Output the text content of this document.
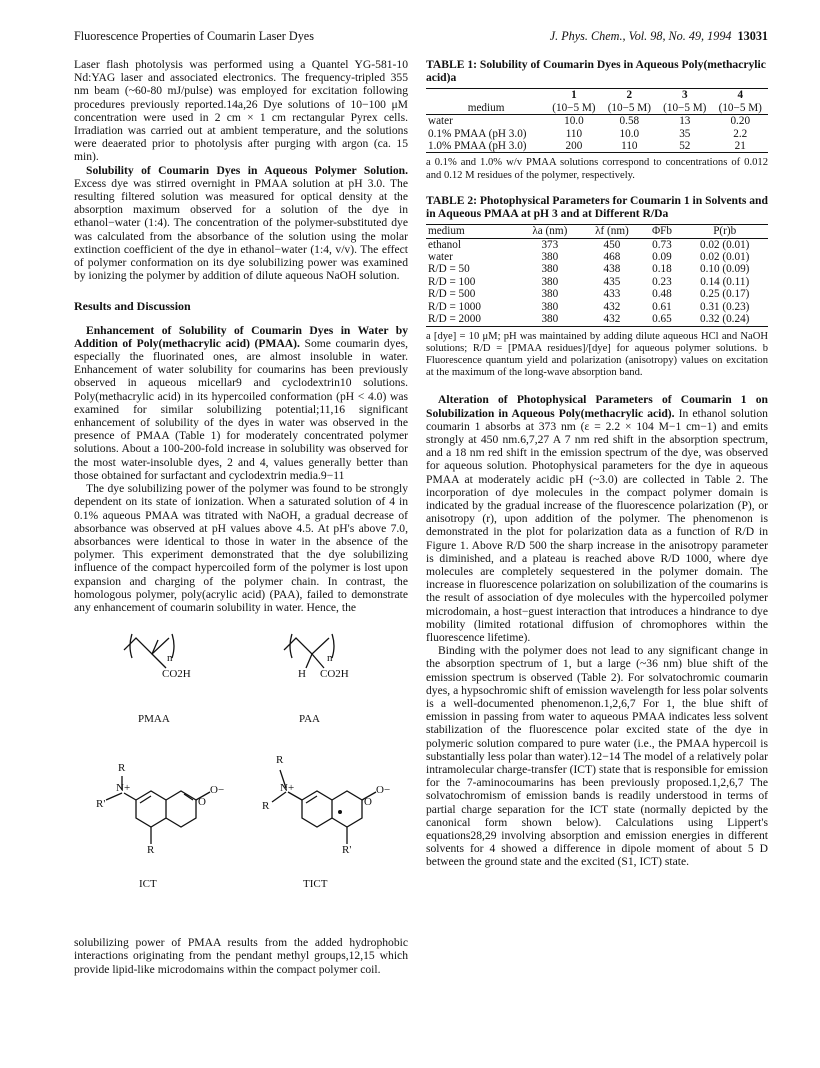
Fluorescence Properties of Coumarin Laser Dyes	J. Phys. Chem., Vol. 98, No. 49, 1994 13031

Laser flash photolysis was performed using a Quantel YG-581-10 Nd:YAG laser and associated electronics. The frequency-tripled 355 nm beam (~60-80 mJ/pulse) was employed for excitation following procedures previously reported.14a,26 Dye solutions of 10−100 μM concentration were used in 2 cm × 1 cm rectangular Pyrex cells. Irradiation was carried out at ambient temperature, and the solutions were deaerated prior to photolysis after purging with argon (ca. 15 min).

Solubility of Coumarin Dyes in Aqueous Polymer Solution. Excess dye was stirred overnight in PMAA solution at pH 3.0. The resulting filtered solution was measured for optical density at the absorption maximum observed for a solution of the dye in ethanol−water (1:4). The concentration of the polymer-substituted dye was calculated from the absorbance of the solution using the molar extinction coefficient of the dye in ethanol−water (1:4, v/v). The effect of polymer conformation on its dye solubilizing power was examined by ionizing the polymer by addition of dilute aqueous NaOH solution.

Results and Discussion

Enhancement of Solubility of Coumarin Dyes in Water by Addition of Poly(methacrylic acid) (PMAA). Some coumarin dyes, especially the fluorinated ones, are almost insoluble in water. Enhancement of water solubility for coumarins has been previously observed in aqueous micellar9 and cyclodextrin10 solutions. Poly(methacrylic acid) in its hypercoiled conformation (pH < 4.0) was examined for similar solubilizing potential;11,16 significant enhancement of solubility of the dyes in water was observed in the presence of PMAA (Table 1) for moderately concentrated polymer solutions. About a 100-200-fold increase in solubility was observed for the most water-insoluble dyes, 2 and 4, values generally better than those obtained for surfactant and cyclodextrin media.9−11

The dye solubilizing power of the polymer was found to be strongly dependent on its state of ionization. When a saturated solution of 4 in 0.1% aqueous PMAA was titrated with NaOH, a gradual decrease of absorbance was observed at pH values above 4.5. At pH's above 7.0, absorbances were identical to those in water in the absence of the polymer. This experiment demonstrated that the dye solubilizing influence of the compact hypercoiled form of the polymer is lost upon expansion and charging of the polymer chain. In contrast, the homologous polymer, poly(acrylic acid) (PAA), failed to demonstrate any enhancement of coumarin solubility in water. Hence, the

n
CO2H
PMAA
n
H CO2H
PAA
R
N+
R'	O
O−
R
ICT
R
N+
R	O
O−
R'
TICT

solubilizing power of PMAA results from the added hydrophobic interactions originating from the pendant methyl groups,12,15 which provide lipid-like microdomains within the compact polymer coil.

TABLE 1: Solubility of Coumarin Dyes in Aqueous Poly(methacrylic acid)a
	1	2	3	4
medium	(10−5 M)	(10−5 M)	(10−5 M)	(10−5 M)
water	10.0	0.58	13	0.20
0.1% PMAA (pH 3.0)	110	10.0	35	2.2
1.0% PMAA (pH 3.0)	200	110	52	21
a 0.1% and 1.0% w/v PMAA solutions correspond to concentrations of 0.012 and 0.12 M residues of the polymer, respectively.
TABLE 2: Photophysical Parameters for Coumarin 1 in Solvents and in Aqueous PMAA at pH 3 and at Different R/Da
medium	λa (nm)	λf (nm)	ΦFb	P(r)b
ethanol	373	450	0.73	0.02 (0.01)
water	380	468	0.09	0.02 (0.01)
R/D = 50	380	438	0.18	0.10 (0.09)
R/D = 100	380	435	0.23	0.14 (0.11)
R/D = 500	380	433	0.48	0.25 (0.17)
R/D = 1000	380	432	0.61	0.31 (0.23)
R/D = 2000	380	432	0.65	0.32 (0.24)
a [dye] = 10 μM; pH was maintained by adding dilute aqueous HCl and NaOH solutions; R/D = [PMAA residues]/[dye] for aqueous polymer solutions. b Fluorescence quantum yield and polarization (anisotropy) values on excitation at the maximum of the long-wave absorption band.

Alteration of Photophysical Parameters of Coumarin 1 on Solubilization in Aqueous Poly(methacrylic acid). In ethanol solution coumarin 1 absorbs at 373 nm (ε = 2.2 × 104 M−1 cm−1) and emits strongly at 450 nm.6,7,27 A 7 nm red shift in the absorption spectrum, and a 18 nm red shift in the emission spectrum of the dye, was observed for aqueous solution. Photophysical parameters for the dye in aqueous PMAA at moderately acidic pH (~3.0) are collected in Table 2. The incorporation of dye molecules in the compact polymer domain is indicated by the gradual increase of the fluorescence polarization (P), or anisotropy (r), upon addition of the polymer. The phenomenon is demonstrated in the plot for polarization data as a function of R/D in Figure 1. Above R/D 500 the sharp increase in the anisotropy parameter is diminished, and a plateau is reached above R/D 1000, where dye molecules are completely sequestered in the polymer domain. The increase in fluorescence polarization on solubilization of the coumarins is the result of association of dye molecules with the hypercoiled polymer microdomain, a host−guest interaction that introduces a hindrance to dye mobility (limited rotational diffusion of chromophores within the fluorescence lifetime).

Binding with the polymer does not lead to any significant change in the absorption spectrum of 1, but a large (~36 nm) blue shift of the emission spectrum is observed (Table 2). For solvatochromic coumarin dyes, a hypsochromic shift of emission wavelength for less polar solvents is a well-documented phenomenon.1,2,6,7 For 1, the blue shift of emission in passing from water to aqueous PMAA indicates less solvent stabilization of the fluorescence polar excited state of the dye in polymeric solution compared to pure water (i.e., the PMAA hypercoil is substantially less polar than water).12−14 The model of a relatively polar intramolecular charge-transfer (ICT) state that is responsible for emission for the 7-aminocoumarins has been previously proposed.1,2,6,7 The solvatochromism of emission bands is readily understood in terms of partial charge separation for the ICT state (normally depicted by the canonical form shown below). Calculations using Lippert's equations28,29 involving absorption and emission energies in different solvents for 4 showed a difference in dipole moment of about 5 D between the ground state and the excited (S1, ICT) state.
